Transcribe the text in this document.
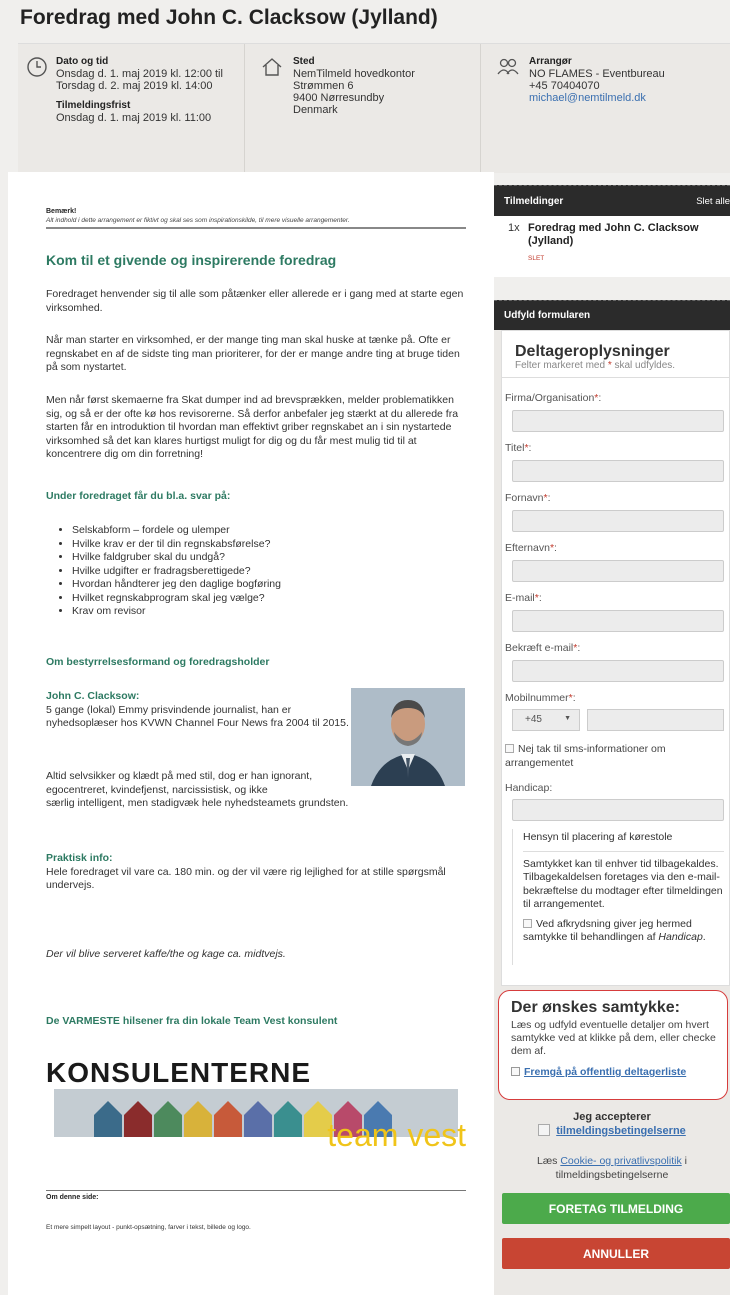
Foredrag med John C. Clacksow (Jylland)
Dato og tid
Onsdag d. 1. maj 2019 kl. 12:00 til
Torsdag d. 2. maj 2019 kl. 14:00
Tilmeldingsfrist
Onsdag d. 1. maj 2019 kl. 11:00
Sted
NemTilmeld hovedkontor
Strømmen 6
9400 Nørresundby
Denmark
Arrangør
NO FLAMES - Eventbureau
+45 70404070
michael@nemtilmeld.dk
Bemærk!
Alt indhold i dette arrangement er fiktivt og skal ses som inspirationskilde, til mere visuelle arrangementer.
Kom til et givende og inspirerende foredrag
Foredraget henvender sig til alle som påtænker eller allerede er i gang med at starte egen virksomhed.
Når man starter en virksomhed, er der mange ting man skal huske at tænke på. Ofte er regnskabet en af de sidste ting man prioriterer, for der er mange andre ting at bruge tiden på som nystartet.
Men når først skemaerne fra Skat dumper ind ad brevsprækken, melder problematikken sig, og så er der ofte kø hos revisorerne. Så derfor anbefaler jeg stærkt at du allerede fra starten får en introduktion til hvordan man effektivt griber regnskabet an i sin nystartede virksomhed så det kan klares hurtigst muligt for dig og du får mest mulig tid til at koncentrere dig om din forretning!
Under foredraget får du bl.a. svar på:
• Selskabform – fordele og ulemper
• Hvilke krav er der til din regnskabsførelse?
• Hvilke faldgruber skal du undgå?
• Hvilke udgifter er fradragsberettigede?
• Hvordan håndterer jeg den daglige bogføring
• Hvilket regnskabprogram skal jeg vælge?
• Krav om revisor
Om bestyrrelsesformand og foredragsholder
John C. Clacksow:
5 gange (lokal) Emmy prisvindende journalist, han er nyhedsoplæser hos KVWN Channel Four News fra 2004 til 2015.
Altid selvsikker og klædt på med stil, dog er han ignorant, egocentreret, kvindefjenst, narcissistisk, og ikke
særlig intelligent, men stadigvæk hele nyhedsteamets grundsten.
Praktisk info:
Hele foredraget vil vare ca. 180 min. og der vil være rig lejlighed for at stille spørgsmål undervejs.
Der vil blive serveret kaffe/the og kage ca. midtvejs.
De VARMESTE hilsener fra din lokale Team Vest konsulent
KONSULENTERNE
team vest
Om denne side:
Et mere simpelt layout - punkt-opsætning, farver i tekst, billede og logo.
Tilmeldinger	Slet alle
1x Foredrag med John C. Clacksow (Jylland)
SLET
Udfyld formularen
Deltageroplysninger
Felter markeret med * skal udfyldes.
Firma/Organisation*:
Titel*:
Fornavn*:
Efternavn*:
E-mail*:
Bekræft e-mail*:
Mobilnummer*:
+45	▼
Nej tak til sms-informationer om arrangementet
Handicap:
Hensyn til placering af kørestole
Samtykket kan til enhver tid tilbagekaldes. Tilbagekaldelsen foretages via den e-mail-bekræftelse du modtager efter tilmeldingen til arrangementet.
Ved afkrydsning giver jeg hermed samtykke til behandlingen af Handicap.
Der ønskes samtykke:
Læs og udfyld eventuelle detaljer om hvert samtykke ved at klikke på dem, eller checke dem af.
Fremgå på offentlig deltagerliste
Jeg accepterer
tilmeldingsbetingelserne
Læs Cookie- og privatlivspolitik i tilmeldingsbetingelserne
FORETAG TILMELDING
ANNULLER
